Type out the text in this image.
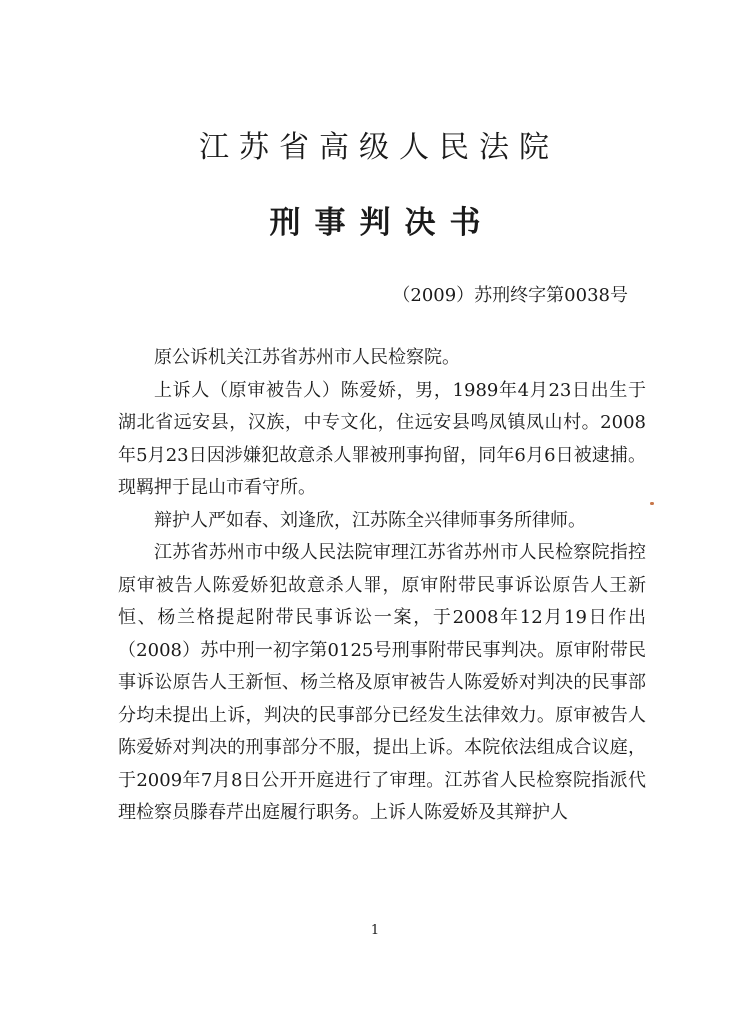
江苏省高级人民法院
刑事判决书
（2009）苏刑终字第0038号

原公诉机关江苏省苏州市人民检察院。

上诉人（原审被告人）陈爱娇，男，1989年4月23日出生于湖北省远安县，汉族，中专文化，住远安县鸣凤镇凤山村。2008年5月23日因涉嫌犯故意杀人罪被刑事拘留，同年6月6日被逮捕。现羁押于昆山市看守所。

辩护人严如春、刘逢欣，江苏陈全兴律师事务所律师。

江苏省苏州市中级人民法院审理江苏省苏州市人民检察院指控原审被告人陈爱娇犯故意杀人罪，原审附带民事诉讼原告人王新恒、杨兰格提起附带民事诉讼一案，于2008年12月19日作出（2008）苏中刑一初字第0125号刑事附带民事判决。原审附带民事诉讼原告人王新恒、杨兰格及原审被告人陈爱娇对判决的民事部分均未提出上诉，判决的民事部分已经发生法律效力。原审被告人陈爱娇对判决的刑事部分不服，提出上诉。本院依法组成合议庭，于2009年7月8日公开开庭进行了审理。江苏省人民检察院指派代理检察员滕春芹出庭履行职务。上诉人陈爱娇及其辩护人

1
